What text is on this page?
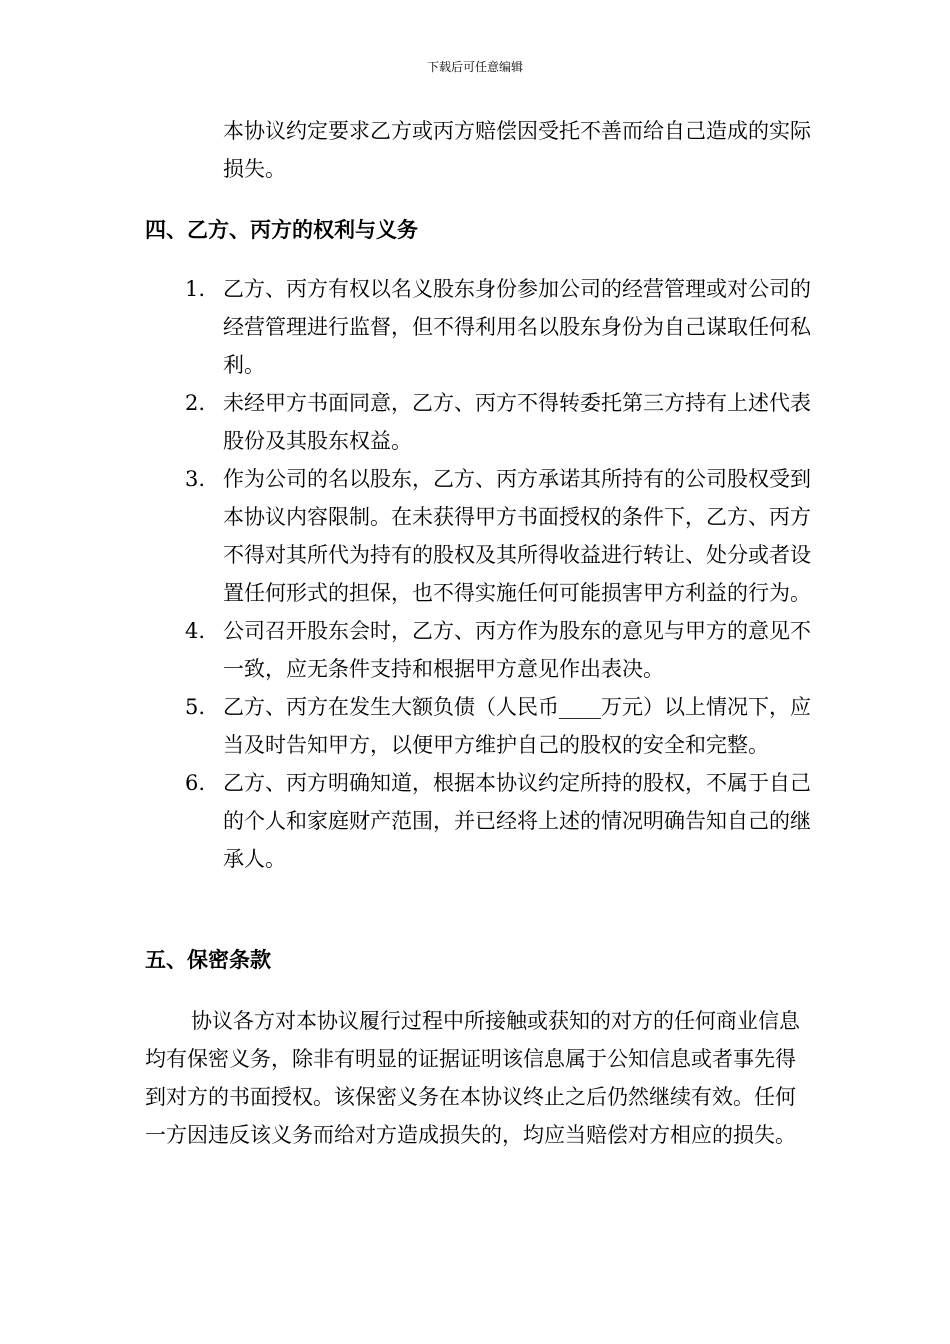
下载后可任意编辑
本协议约定要求乙方或丙方赔偿因受托不善而给自己造成的实际损失。
四、乙方、丙方的权利与义务
1. 乙方、丙方有权以名义股东身份参加公司的经营管理或对公司的经营管理进行监督，但不得利用名以股东身份为自己谋取任何私利。
2. 未经甲方书面同意，乙方、丙方不得转委托第三方持有上述代表股份及其股东权益。
3. 作为公司的名以股东，乙方、丙方承诺其所持有的公司股权受到本协议内容限制。在未获得甲方书面授权的条件下，乙方、丙方不得对其所代为持有的股权及其所得收益进行转让、处分或者设置任何形式的担保，也不得实施任何可能损害甲方利益的行为。
4. 公司召开股东会时，乙方、丙方作为股东的意见与甲方的意见不一致，应无条件支持和根据甲方意见作出表决。
5. 乙方、丙方在发生大额负债（人民币____万元）以上情况下，应当及时告知甲方，以便甲方维护自己的股权的安全和完整。
6. 乙方、丙方明确知道，根据本协议约定所持的股权，不属于自己的个人和家庭财产范围，并已经将上述的情况明确告知自己的继承人。
五、保密条款
协议各方对本协议履行过程中所接触或获知的对方的任何商业信息均有保密义务，除非有明显的证据证明该信息属于公知信息或者事先得到对方的书面授权。该保密义务在本协议终止之后仍然继续有效。任何一方因违反该义务而给对方造成损失的，均应当赔偿对方相应的损失。
